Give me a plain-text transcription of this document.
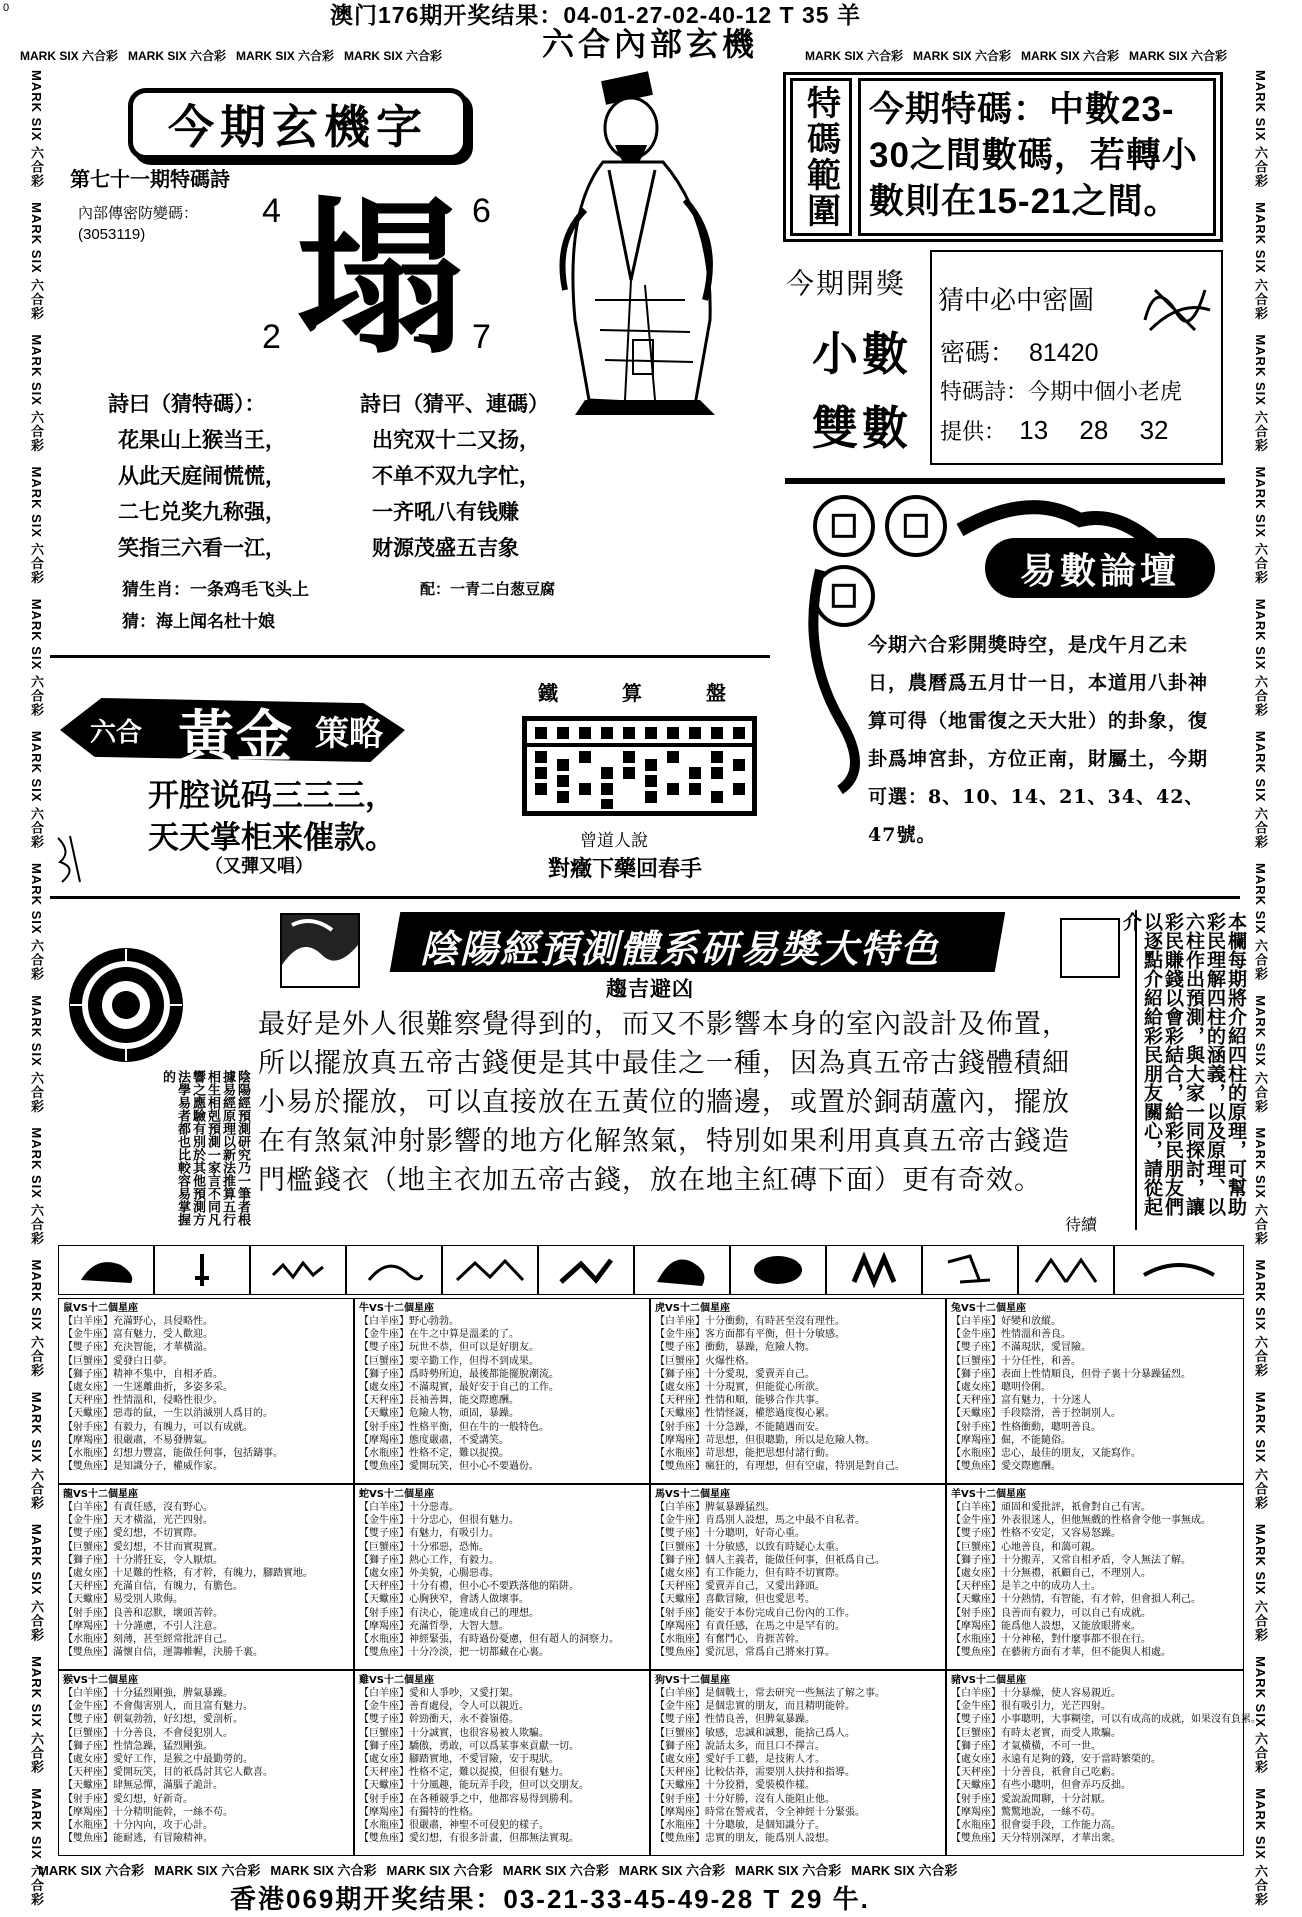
0	澳门176期开奖结果：04-01-27-02-40-12 T 35 羊
六合內部玄機
MARK SIX 六合彩 MARK SIX 六合彩 MARK SIX 六合彩 MARK SIX 六合彩	MARK SIX 六合彩 MARK SIX 六合彩 MARK SIX 六合彩 MARK SIX 六合彩
MARK SIX 六合彩　MARK SIX 六合彩　MARK SIX 六合彩　MARK SIX 六合彩　MARK SIX 六合彩　MARK SIX 六合彩　MARK SIX 六合彩　MARK SIX 六合彩　MARK SIX 六合彩　MARK SIX 六合彩　MARK SIX 六合彩　MARK SIX 六合彩　MARK SIX 六合彩　MARK SIX 六合彩
MARK SIX 六合彩　MARK SIX 六合彩　MARK SIX 六合彩　MARK SIX 六合彩　MARK SIX 六合彩　MARK SIX 六合彩　MARK SIX 六合彩　MARK SIX 六合彩　MARK SIX 六合彩　MARK SIX 六合彩　MARK SIX 六合彩　MARK SIX 六合彩　MARK SIX 六合彩　MARK SIX 六合彩
今期玄機字
第七十一期特碼詩
內部傳密防變碼：
(3053119)
4	6
2	7
塌
詩曰（猜特碼）：	詩曰（猜平、連碼）
花果山上猴当王，
从此天庭闹慌慌，
二七兑奖九称强，
笑指三六看一江，
出究双十二又扬，
不单不双九字忙，
一齐吼八有钱赚
财源茂盛五吉象
猜生肖：一条鸡毛飞头上	配：一青二白葱豆腐
猜：海上闻名杜十娘
特碼範圍 今期特碼：中數23-30之間數碼，若轉小數則在15-21之間。
今期開獎
小數
雙數
猜中必中密圖
密碼： 81420
特碼詩：今期中個小老虎
提供： 13 28 32
易數論壇
今期六合彩開獎時空，是戊午月乙未日，農曆爲五月廿一日，本道用八卦神算可得（地雷復之天大壯）的卦象，復卦爲坤宮卦，方位正南，財屬土，今期可選：8、10、14、21、34、42、47號。
六合 黃金 策略
开腔说码三三三，
天天掌柜来催款。
（又彈又唱）
鐵	算	盤
曾道人說
對癥下藥回春手
陰陽經預測體系研易獎大特色
趨吉避凶
最好是外人很難察覺得到的，而又不影響本身的室內設計及佈置，所以擺放真五帝古錢便是其中最佳之一種，因為真五帝古錢體積細小易於擺放，可以直接放在五黃位的牆邊，或置於銅葫蘆內，擺放在有煞氣沖射影響的地方化解煞氣，特別如果利用真真五帝古錢造門檻錢衣（地主衣加五帝古錢，放在地主紅磚下面）更有奇效。
待續
陰陽經預測研究乃一筆者根據易經原理以新法推算五行相生相剋預測一家言不同凡響之應驗有別於其他預測方法學易者都也比較容易掌握的	本欄每期將介紹四柱的原理，可幫助彩民理解四柱的涵義，以及原理、以六柱作出預測，與大家一同探討，讓彩民賺錢以會彩結合，給彩民朋友們以逐點介紹給彩民朋友關心，請從起介
鼠VS十二個星座
【白羊座】充滿野心，具侵略性。
【金牛座】富有魅力，受人歡迎。
【雙子座】充決智能，才華橫溢。
【巨蟹座】愛發白日夢。
【獅子座】精神不集中，自相矛盾。
【處女座】一生迷離曲折，多姿多采。
【天秤座】性情溫和，侵略性很少。
【天蠍座】惡毒的鼠，一生以消滅別人爲目的。
【射手座】有毅力，有魄力，可以有成就。
【摩羯座】很嚴肅，不易發脾氣。
【水瓶座】幻想力豐富，能做任何事，包括鑄事。
【雙魚座】是知識分子，權威作家。
牛VS十二個星座
【白羊座】野心勃勃。
【金牛座】在牛之中算是溫柔的了。
【雙子座】玩世不恭，但可以是好朋友。
【巨蟹座】要辛勤工作，但得不到成果。
【獅子座】爲時勢所迫，最後都能擺脫潮流。
【處女座】不滿現實，最好安于自己的工作。
【天秤座】長袖善舞，能交際應酬。
【天蠍座】危險人物，頑固，暴躁。
【射手座】性格平衡，但在牛的一般特色。
【摩羯座】態度嚴肅，不愛講笑。
【水瓶座】性格不定，難以捉摸。
【雙魚座】愛開玩笑，但小心不要過份。
虎VS十二個星座
【白羊座】十分衝動，有時甚至沒有理性。
【金牛座】客方面都有平衡，但十分敏感。
【雙子座】衝動，暴躁，危險人物。
【巨蟹座】火爆性格。
【獅子座】十分愛現，愛賣弄自己。
【處女座】十分現實，但能從心所欲。
【天秤座】性情和順，能够合作共事。
【天蠍座】性情怪誕，權慾過度復心累。
【射手座】十分急躁，不能隨遇而安。
【摩羯座】苛思想，但很聰勤，所以是危險人物。
【水瓶座】苛思想，能把思想付諸行動。
【雙魚座】瘋狂的，有理想，但有空虛，特別是對自己。
兔VS十二個星座
【白羊座】好變和放縱。
【金牛座】性情溫和善良。
【雙子座】不滿現狀，愛冒險。
【巨蟹座】十分任性，和善。
【獅子座】表面上性情順良，但骨子裏十分暴躁猛烈。
【處女座】聰明伶俐。
【天秤座】富有魅力，十分迷人
【天蠍座】手段陰滑，善于控制別人。
【射手座】性格衝動，聰明善良。
【摩羯座】倔，不能隨俗。
【水瓶座】忠心，最佳的朋友，又能寫作。
【雙魚座】愛交際應酬。
龍VS十二個星座
【白羊座】有責任感，沒有野心。
【金牛座】天才橫溢，光芒四射。
【雙子座】愛幻想，不切實際。
【巨蟹座】愛幻想，不甘而實現實。
【獅子座】十分將狂妄，令人厭煩。
【處女座】十足難的性格，有才幹，有魄力，腳踏實地。
【天秤座】充滿自信，有魄力，有膽色。
【天蠍座】易受別人欺侮。
【射手座】良善和忍默，壞頭苦幹。
【摩羯座】十分謹慮，不引人注意。
【水瓶座】刻薄，甚至經常批評自己。
【雙魚座】滿懷自信，運籌帷幄，決勝千裏。
蛇VS十二個星座
【白羊座】十分惡毒。
【金牛座】十分忠心，但很有魅力。
【雙子座】有魅力，有吸引力。
【巨蟹座】十分邪惡，恐怖。
【獅子座】熱心工作，有毅力。
【處女座】外美貌，心腸惡毒。
【天秤座】十分有禮，但小心不要跌落他的陷阱。
【天蠍座】心胸狹窄，會誘人做壞事。
【射手座】有決心，能達成自己的理想。
【摩羯座】充滿哲學，大智大慧。
【水瓶座】神經緊張，有時過份憂慮，但有超人的洞察力。
【雙魚座】十分冷淡，把一切都藏在心裏。
馬VS十二個星座
【白羊座】脾氣暴躁猛烈。
【金牛座】肯爲別人設想，馬之中最不自私者。
【雙子座】十分聰明，好奇心重。
【巨蟹座】十分敏感，以致有時疑心太重。
【獅子座】個人主義者，能做任何事，但祇爲自己。
【處女座】有工作能力，但有時不切實際。
【天秤座】愛賣弄自己，又愛出鋒頭。
【天蠍座】喜歡冒險，但也愛思考。
【射手座】能安于本份完成自己份內的工作。
【摩羯座】有責任感，在馬之中是罕有的。
【水瓶座】有奮鬥心，肯捱苦幹。
【雙魚座】愛沉思，常爲自己將來打算。
羊VS十二個星座
【白羊座】頑固和愛批評，祇會對自己有害。
【金牛座】外表很迷人，但他無戲的性格會令他一事無成。
【雙子座】性格不安定，又容易怒躁。
【巨蟹座】心地善良，和藹可親。
【獅子座】十分搬弄，又常自相矛盾，令人無法了解。
【處女座】十分無禮，祇顧自己，不理別人。
【天秤座】是羊之中的成功人士。
【天蠍座】十分熱情，有智能，有才幹，但會損人利己。
【射手座】良善而有毅力，可以自己有成就。
【摩羯座】能爲他人設想，又能放眼將來。
【水瓶座】十分神秘，對什麼事都不很在行。
【雙魚座】在藝術方面有才華，但不能與人相處。
猴VS十二個星座
【白羊座】十分猛烈剛強，脾氣暴躁。
【金牛座】不會傷害別人，而且富有魅力。
【雙子座】朝氣勃勃，好幻想，愛剖析。
【巨蟹座】十分善良，不會侵犯別人。
【獅子座】性情急躁，猛烈剛強。
【處女座】愛好工作，是猴之中最勤勞的。
【天秤座】愛開玩笑，目的祇爲討其它人歡喜。
【天蠍座】肆無忌憚，滿腦子詭計。
【射手座】愛幻想，好新奇。
【摩羯座】十分精明能幹，一絲不苟。
【水瓶座】十分內向，攻于心計。
【雙魚座】能耐逃，有冒險精神。
雞VS十二個星座
【白羊座】愛和人爭吵，又愛打架。
【金牛座】善育處侵，令人可以親近。
【雙子座】幹勁衝天，永不養嶺倦。
【巨蟹座】十分誠實，也很容易被人欺騙。
【獅子座】驕傲，勇敢，可以爲某事來貢獻一切。
【處女座】腳踏實地，不愛冒險，安于現狀。
【天秤座】性格不定，難以捉摸，但很有魅力。
【天蠍座】十分風趣，能玩弄手段，但可以交朋友。
【射手座】在各種競爭之中，他都容易得到勝利。
【摩羯座】有獨特的性格。
【水瓶座】很嚴肅，神聖不可侵犯的樣子。
【雙魚座】愛幻想，有很多計畫，但都無法實現。
狗VS十二個星座
【白羊座】是個戰士，常去研究一些無法了解之事。
【金牛座】是個忠實的朋友，而且精明能幹。
【雙子座】性情良善，但脾氣暴躁。
【巨蟹座】敏感，忠誠和誠懇，能捨己爲人。
【獅子座】說話太多，而且口不擇言。
【處女座】愛好手工藝，是技術人才。
【天秤座】比較估莽，需要別人扶持和指導。
【天蠍座】十分狡猾，愛裝模作樣。
【射手座】十分好勝，沒有人能阻止他。
【摩羯座】時常在警戒者，令全神經十分緊張。
【水瓶座】十分聰敏，是個知識分子。
【雙魚座】忠實的朋友，能爲別人設想。
豬VS十二個星座
【白羊座】十分暴燥，使人容易親近。
【金牛座】很有吸引力，光芒四射。
【雙子座】小事聰明，大事糊塗，可以有成高的成就，如果沒有負累。
【巨蟹座】有時太老實，而受人欺騙。
【獅子座】才氣橫橫，不可一世。
【處女座】永遠有足夠的錢，安于當時繁榮的。
【天秤座】十分善良，祇會自己吃虧。
【天蠍座】有些小聰明，但會弄巧反拙。
【射手座】愛說說閒聊，十分討厭。
【摩羯座】驚驚地說，一絲不苟。
【水瓶座】很會耍手段，工作能力高。
【雙魚座】天分特別深厚，才華出衆。
MARK SIX 六合彩 MARK SIX 六合彩 MARK SIX 六合彩 MARK SIX 六合彩 MARK SIX 六合彩 MARK SIX 六合彩 MARK SIX 六合彩 MARK SIX 六合彩
香港069期开奖结果：03-21-33-45-49-28 T 29 牛.
